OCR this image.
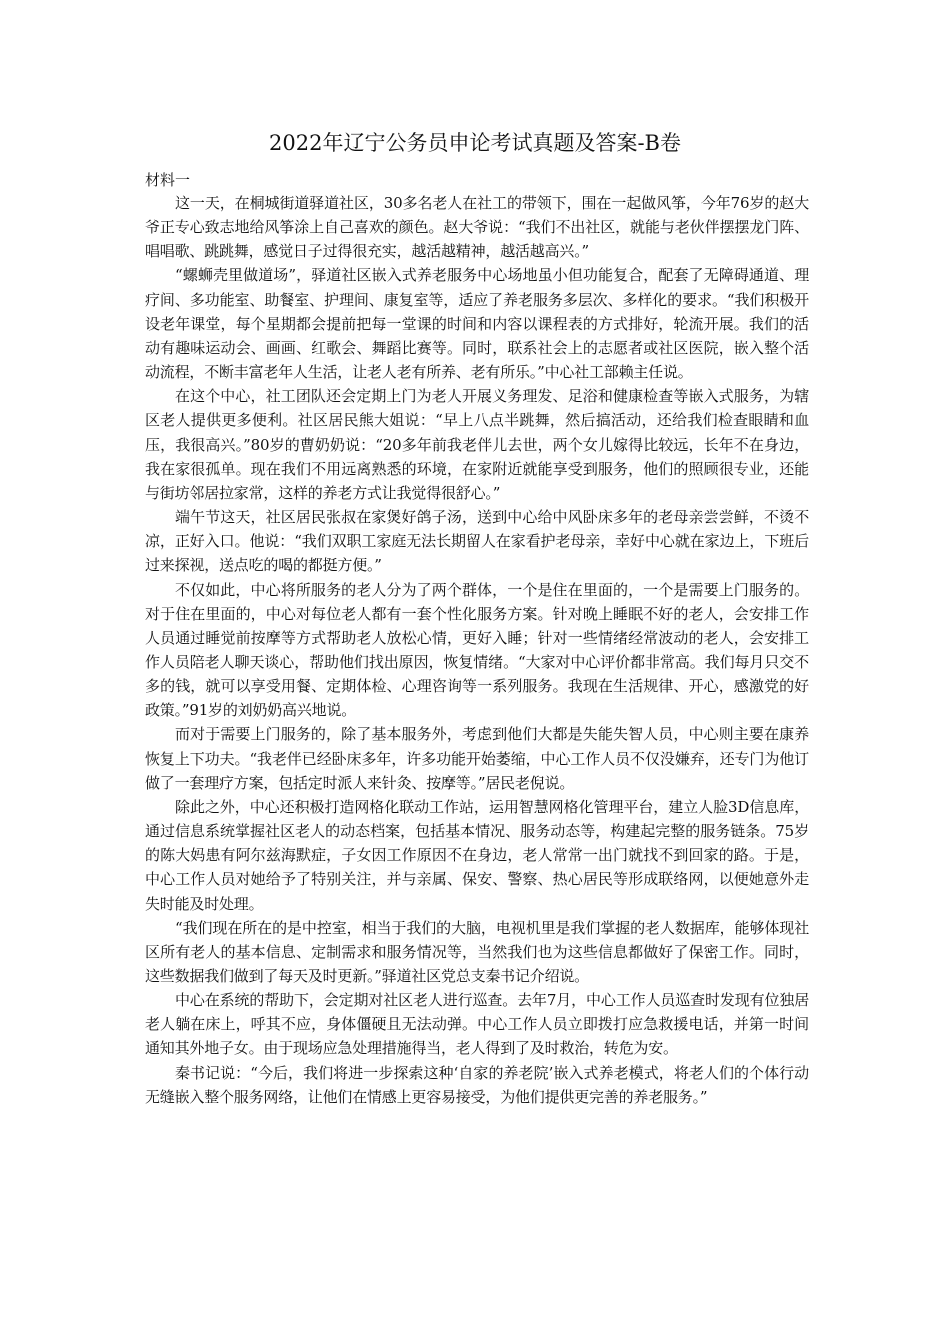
2022年辽宁公务员申论考试真题及答案-B卷
材料一

这一天，在桐城街道驿道社区，30多名老人在社工的带领下，围在一起做风筝，今年76岁的赵大爷正专心致志地给风筝涂上自己喜欢的颜色。赵大爷说：“我们不出社区，就能与老伙伴摆摆龙门阵、唱唱歌、跳跳舞，感觉日子过得很充实，越活越精神，越活越高兴。”

“螺蛳壳里做道场”，驿道社区嵌入式养老服务中心场地虽小但功能复合，配套了无障碍通道、理疗间、多功能室、助餐室、护理间、康复室等，适应了养老服务多层次、多样化的要求。“我们积极开设老年课堂，每个星期都会提前把每一堂课的时间和内容以课程表的方式排好，轮流开展。我们的活动有趣味运动会、画画、红歌会、舞蹈比赛等。同时，联系社会上的志愿者或社区医院，嵌入整个活动流程，不断丰富老年人生活，让老人老有所养、老有所乐。”中心社工部赖主任说。

在这个中心，社工团队还会定期上门为老人开展义务理发、足浴和健康检查等嵌入式服务，为辖区老人提供更多便利。社区居民熊大姐说：“早上八点半跳舞，然后搞活动，还给我们检查眼睛和血压，我很高兴。”80岁的曹奶奶说：“20多年前我老伴儿去世，两个女儿嫁得比较远，长年不在身边，我在家很孤单。现在我们不用远离熟悉的环境，在家附近就能享受到服务，他们的照顾很专业，还能与街坊邻居拉家常，这样的养老方式让我觉得很舒心。”

端午节这天，社区居民张叔在家煲好鸽子汤，送到中心给中风卧床多年的老母亲尝尝鲜，不烫不凉，正好入口。他说：“我们双职工家庭无法长期留人在家看护老母亲，幸好中心就在家边上，下班后过来探视，送点吃的喝的都挺方便。”

不仅如此，中心将所服务的老人分为了两个群体，一个是住在里面的，一个是需要上门服务的。对于住在里面的，中心对每位老人都有一套个性化服务方案。针对晚上睡眠不好的老人，会安排工作人员通过睡觉前按摩等方式帮助老人放松心情，更好入睡；针对一些情绪经常波动的老人，会安排工作人员陪老人聊天谈心，帮助他们找出原因，恢复情绪。“大家对中心评价都非常高。我们每月只交不多的钱，就可以享受用餐、定期体检、心理咨询等一系列服务。我现在生活规律、开心，感激党的好政策。”91岁的刘奶奶高兴地说。

而对于需要上门服务的，除了基本服务外，考虑到他们大都是失能失智人员，中心则主要在康养恢复上下功夫。“我老伴已经卧床多年，许多功能开始萎缩，中心工作人员不仅没嫌弃，还专门为他订做了一套理疗方案，包括定时派人来针灸、按摩等。”居民老倪说。

除此之外，中心还积极打造网格化联动工作站，运用智慧网格化管理平台，建立人脸3D信息库，通过信息系统掌握社区老人的动态档案，包括基本情况、服务动态等，构建起完整的服务链条。75岁的陈大妈患有阿尔兹海默症，子女因工作原因不在身边，老人常常一出门就找不到回家的路。于是，中心工作人员对她给予了特别关注，并与亲属、保安、警察、热心居民等形成联络网，以便她意外走失时能及时处理。

“我们现在所在的是中控室，相当于我们的大脑，电视机里是我们掌握的老人数据库，能够体现社区所有老人的基本信息、定制需求和服务情况等，当然我们也为这些信息都做好了保密工作。同时，这些数据我们做到了每天及时更新。”驿道社区党总支秦书记介绍说。

中心在系统的帮助下，会定期对社区老人进行巡查。去年7月，中心工作人员巡查时发现有位独居老人躺在床上，呼其不应，身体僵硬且无法动弹。中心工作人员立即拨打应急救援电话，并第一时间通知其外地子女。由于现场应急处理措施得当，老人得到了及时救治，转危为安。

秦书记说：“今后，我们将进一步探索这种‘自家的养老院’嵌入式养老模式，将老人们的个体行动无缝嵌入整个服务网络，让他们在情感上更容易接受，为他们提供更完善的养老服务。”
